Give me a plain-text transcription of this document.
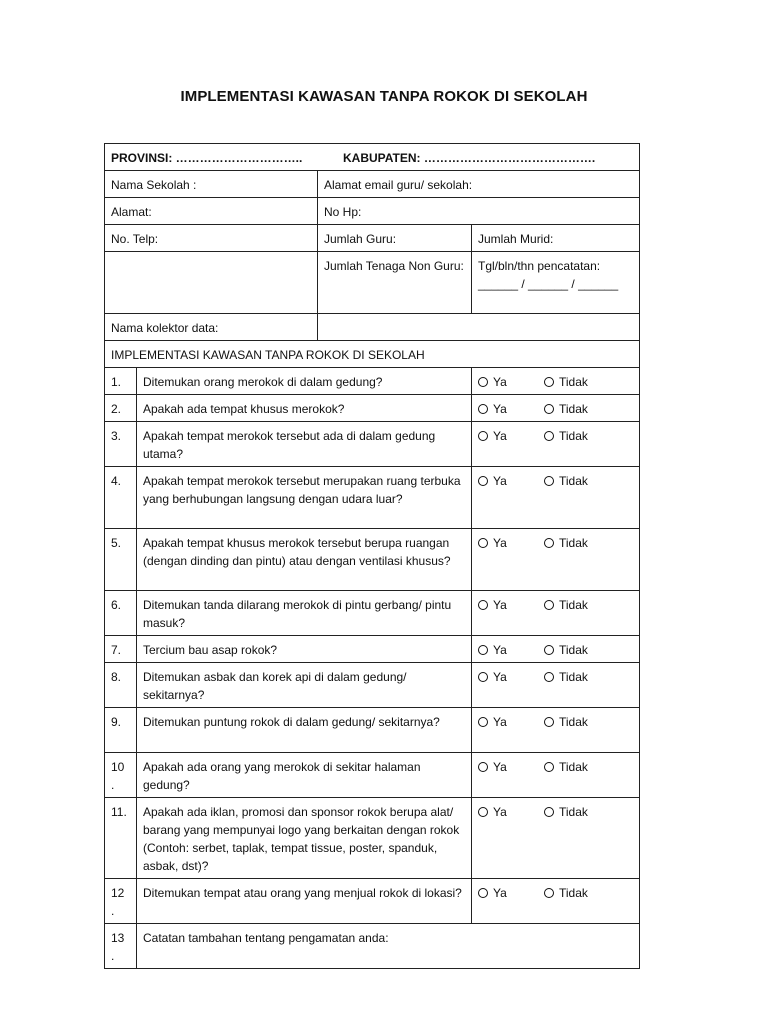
IMPLEMENTASI KAWASAN TANPA ROKOK DI SEKOLAH
PROVINSI: ………………………….. KABUPATEN: …………………………………….			
Nama Sekolah :		Alamat email guru/ sekolah:	
Alamat:		No Hp:	
No. Telp:		Jumlah Guru:	Jumlah Murid:
		Jumlah Tenaga Non Guru:	Tgl/bln/thn pencatatan:
______ / ______ / ______

Nama kolektor data:			
IMPLEMENTASI KAWASAN TANPA ROKOK DI SEKOLAH			
1.	Ditemukan orang merokok di dalam gedung?		Ya Tidak
2.	Apakah ada tempat khusus merokok?		Ya Tidak
3.	Apakah tempat merokok tersebut ada di dalam gedung utama?		Ya Tidak
4.	Apakah tempat merokok tersebut merupakan ruang terbuka yang berhubungan langsung dengan udara luar?		Ya Tidak
5.	Apakah tempat khusus merokok tersebut berupa ruangan (dengan dinding dan pintu) atau dengan ventilasi khusus?		Ya Tidak
6.	Ditemukan tanda dilarang merokok di pintu gerbang/ pintu masuk?		Ya Tidak
7.	Tercium bau asap rokok?		Ya Tidak
8.	Ditemukan asbak dan korek api di dalam gedung/ sekitarnya?		Ya Tidak
9.	Ditemukan puntung rokok di dalam gedung/ sekitarnya?		Ya Tidak
10 .	Apakah ada orang yang merokok di sekitar halaman gedung?		Ya Tidak
11.	Apakah ada iklan, promosi dan sponsor rokok berupa alat/ barang yang mempunyai logo yang berkaitan dengan rokok (Contoh: serbet, taplak, tempat tissue, poster, spanduk, asbak, dst)?		Ya Tidak
12 .	Ditemukan tempat atau orang yang menjual rokok di lokasi?		Ya Tidak
13 .	Catatan tambahan tentang pengamatan anda:		
